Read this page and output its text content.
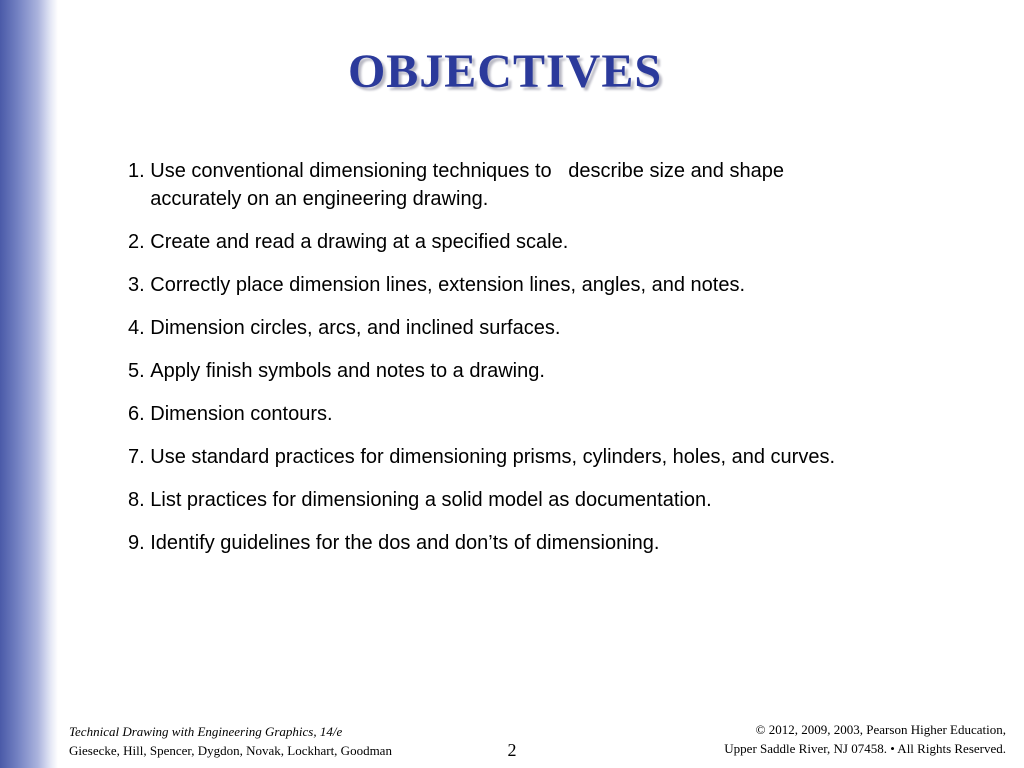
OBJECTIVES
1. Use conventional dimensioning techniques to   describe size and shape accurately on an engineering drawing.
2. Create and read a drawing at a specified scale.
3. Correctly place dimension lines, extension lines, angles, and notes.
4. Dimension circles, arcs, and inclined surfaces.
5. Apply finish symbols and notes to a drawing.
6. Dimension contours.
7. Use standard practices for dimensioning prisms, cylinders, holes, and curves.
8. List practices for dimensioning a solid model as documentation.
9. Identify guidelines for the dos and don’ts of dimensioning.
Technical Drawing with Engineering Graphics, 14/e
Giesecke, Hill, Spencer, Dygdon, Novak, Lockhart, Goodman	2
© 2012, 2009, 2003, Pearson Higher Education,
Upper Saddle River, NJ 07458. • All Rights Reserved.
